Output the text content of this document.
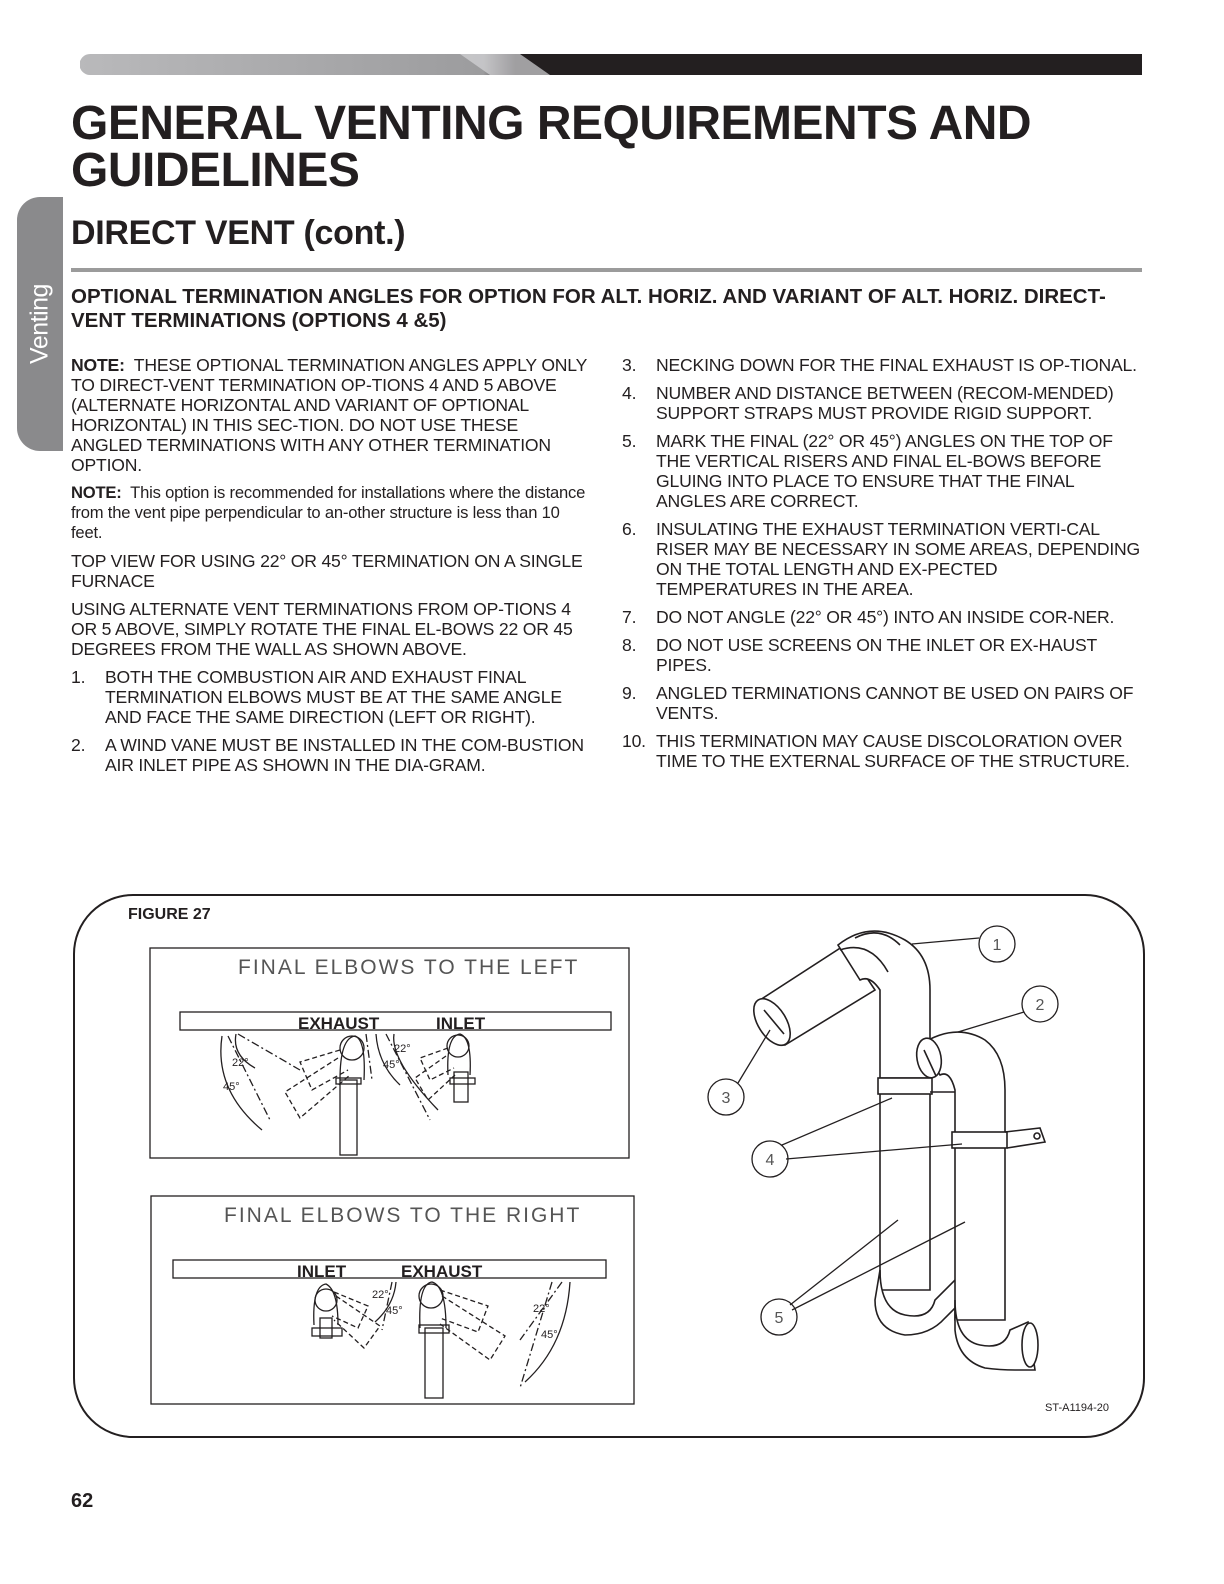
Venting
GENERAL VENTING REQUIREMENTS AND GUIDELINES
DIRECT VENT (cont.)
OPTIONAL TERMINATION ANGLES FOR OPTION FOR ALT. HORIZ. AND VARIANT OF ALT. HORIZ. DIRECT-VENT TERMINATIONS (OPTIONS 4 &5)

NOTE: THESE OPTIONAL TERMINATION ANGLES APPLY ONLY TO DIRECT-VENT TERMINATION OP-TIONS 4 AND 5 ABOVE (ALTERNATE HORIZONTAL AND VARIANT OF OPTIONAL HORIZONTAL) IN THIS SEC-TION. DO NOT USE THESE ANGLED TERMINATIONS WITH ANY OTHER TERMINATION OPTION.

NOTE: This option is recommended for installations where the distance from the vent pipe perpendicular to an-other structure is less than 10 feet.

TOP VIEW FOR USING 22° OR 45° TERMINATION ON A SINGLE FURNACE

USING ALTERNATE VENT TERMINATIONS FROM OP-TIONS 4 OR 5 ABOVE, SIMPLY ROTATE THE FINAL EL-BOWS 22 OR 45 DEGREES FROM THE WALL AS SHOWN ABOVE.

1.	BOTH THE COMBUSTION AIR AND EXHAUST FINAL TERMINATION ELBOWS MUST BE AT THE SAME ANGLE AND FACE THE SAME DIRECTION (LEFT OR RIGHT).
2.	A WIND VANE MUST BE INSTALLED IN THE COM-BUSTION AIR INLET PIPE AS SHOWN IN THE DIA-GRAM.
3.	NECKING DOWN FOR THE FINAL EXHAUST IS OP-TIONAL.
4.	NUMBER AND DISTANCE BETWEEN (RECOM-MENDED) SUPPORT STRAPS MUST PROVIDE RIGID SUPPORT.
5.	MARK THE FINAL (22° OR 45°) ANGLES ON THE TOP OF THE VERTICAL RISERS AND FINAL EL-BOWS BEFORE GLUING INTO PLACE TO ENSURE THAT THE FINAL ANGLES ARE CORRECT.
6.	INSULATING THE EXHAUST TERMINATION VERTI-CAL RISER MAY BE NECESSARY IN SOME AREAS, DEPENDING ON THE TOTAL LENGTH AND EX-PECTED TEMPERATURES IN THE AREA.
7.	DO NOT ANGLE (22° OR 45°) INTO AN INSIDE COR-NER.
8.	DO NOT USE SCREENS ON THE INLET OR EX-HAUST PIPES.
9.	ANGLED TERMINATIONS CANNOT BE USED ON PAIRS OF VENTS.
10. THIS TERMINATION MAY CAUSE DISCOLORATION OVER TIME TO THE EXTERNAL SURFACE OF THE STRUCTURE.
FIGURE 27
FINAL ELBOWS TO THE LEFT
EXHAUST	INLET
22°
45°
22°
45°
FINAL ELBOWS TO THE RIGHT
INLET	EXHAUST
22°
45°	22°
45°
1
2
3
4
5
ST-A1194-20
62
